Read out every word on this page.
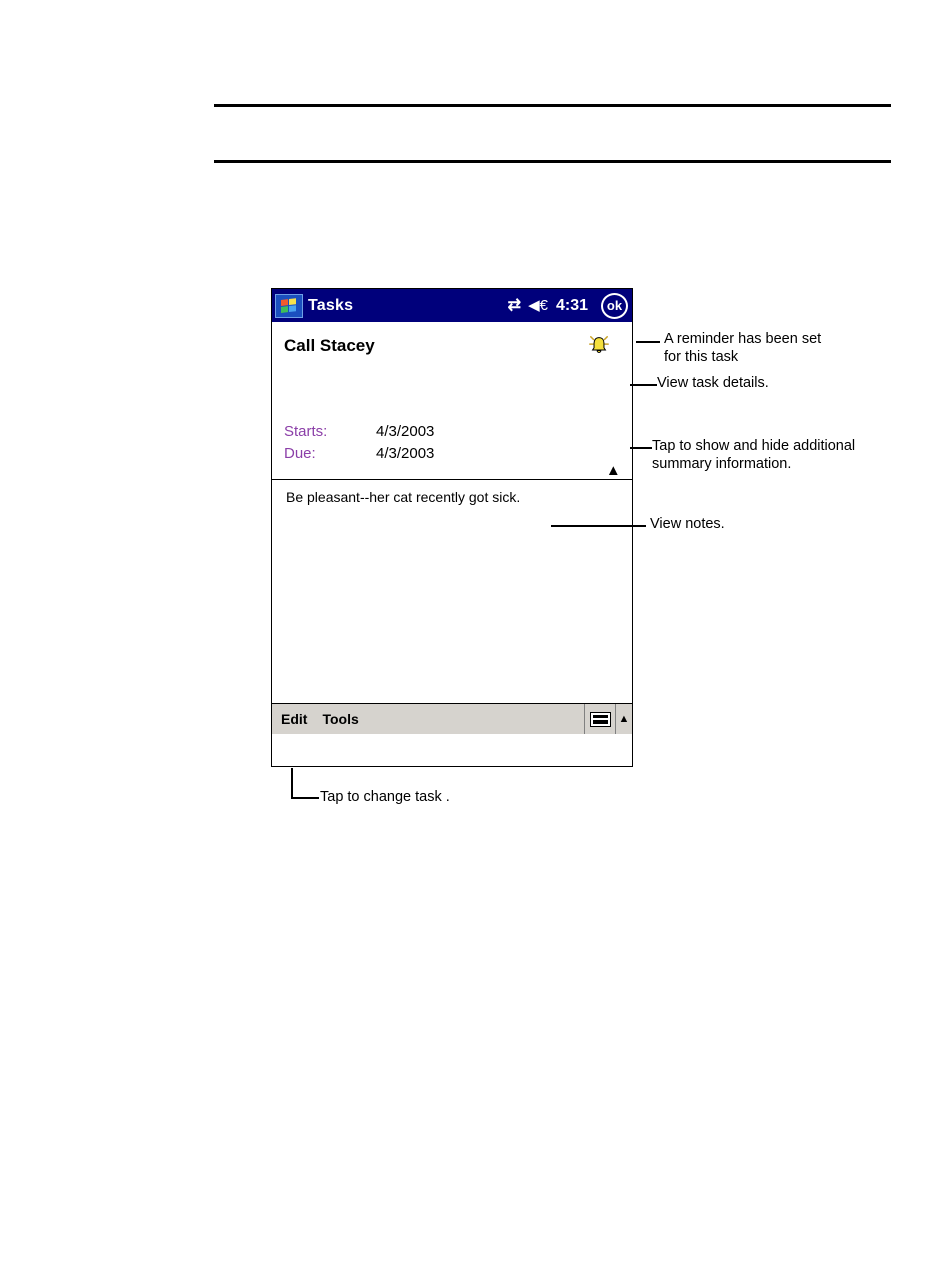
Tasks	⇄ ◀€ 4:31	ok
Call Stacey
Starts:	4/3/2003
Due:	4/3/2003
▲ 
Be pleasant--her cat recently got sick.
Edit	Tools	▲
A reminder has been set
for this task
View task details.
Tap to show and hide additional
summary information.
View notes.
Tap to change task .
